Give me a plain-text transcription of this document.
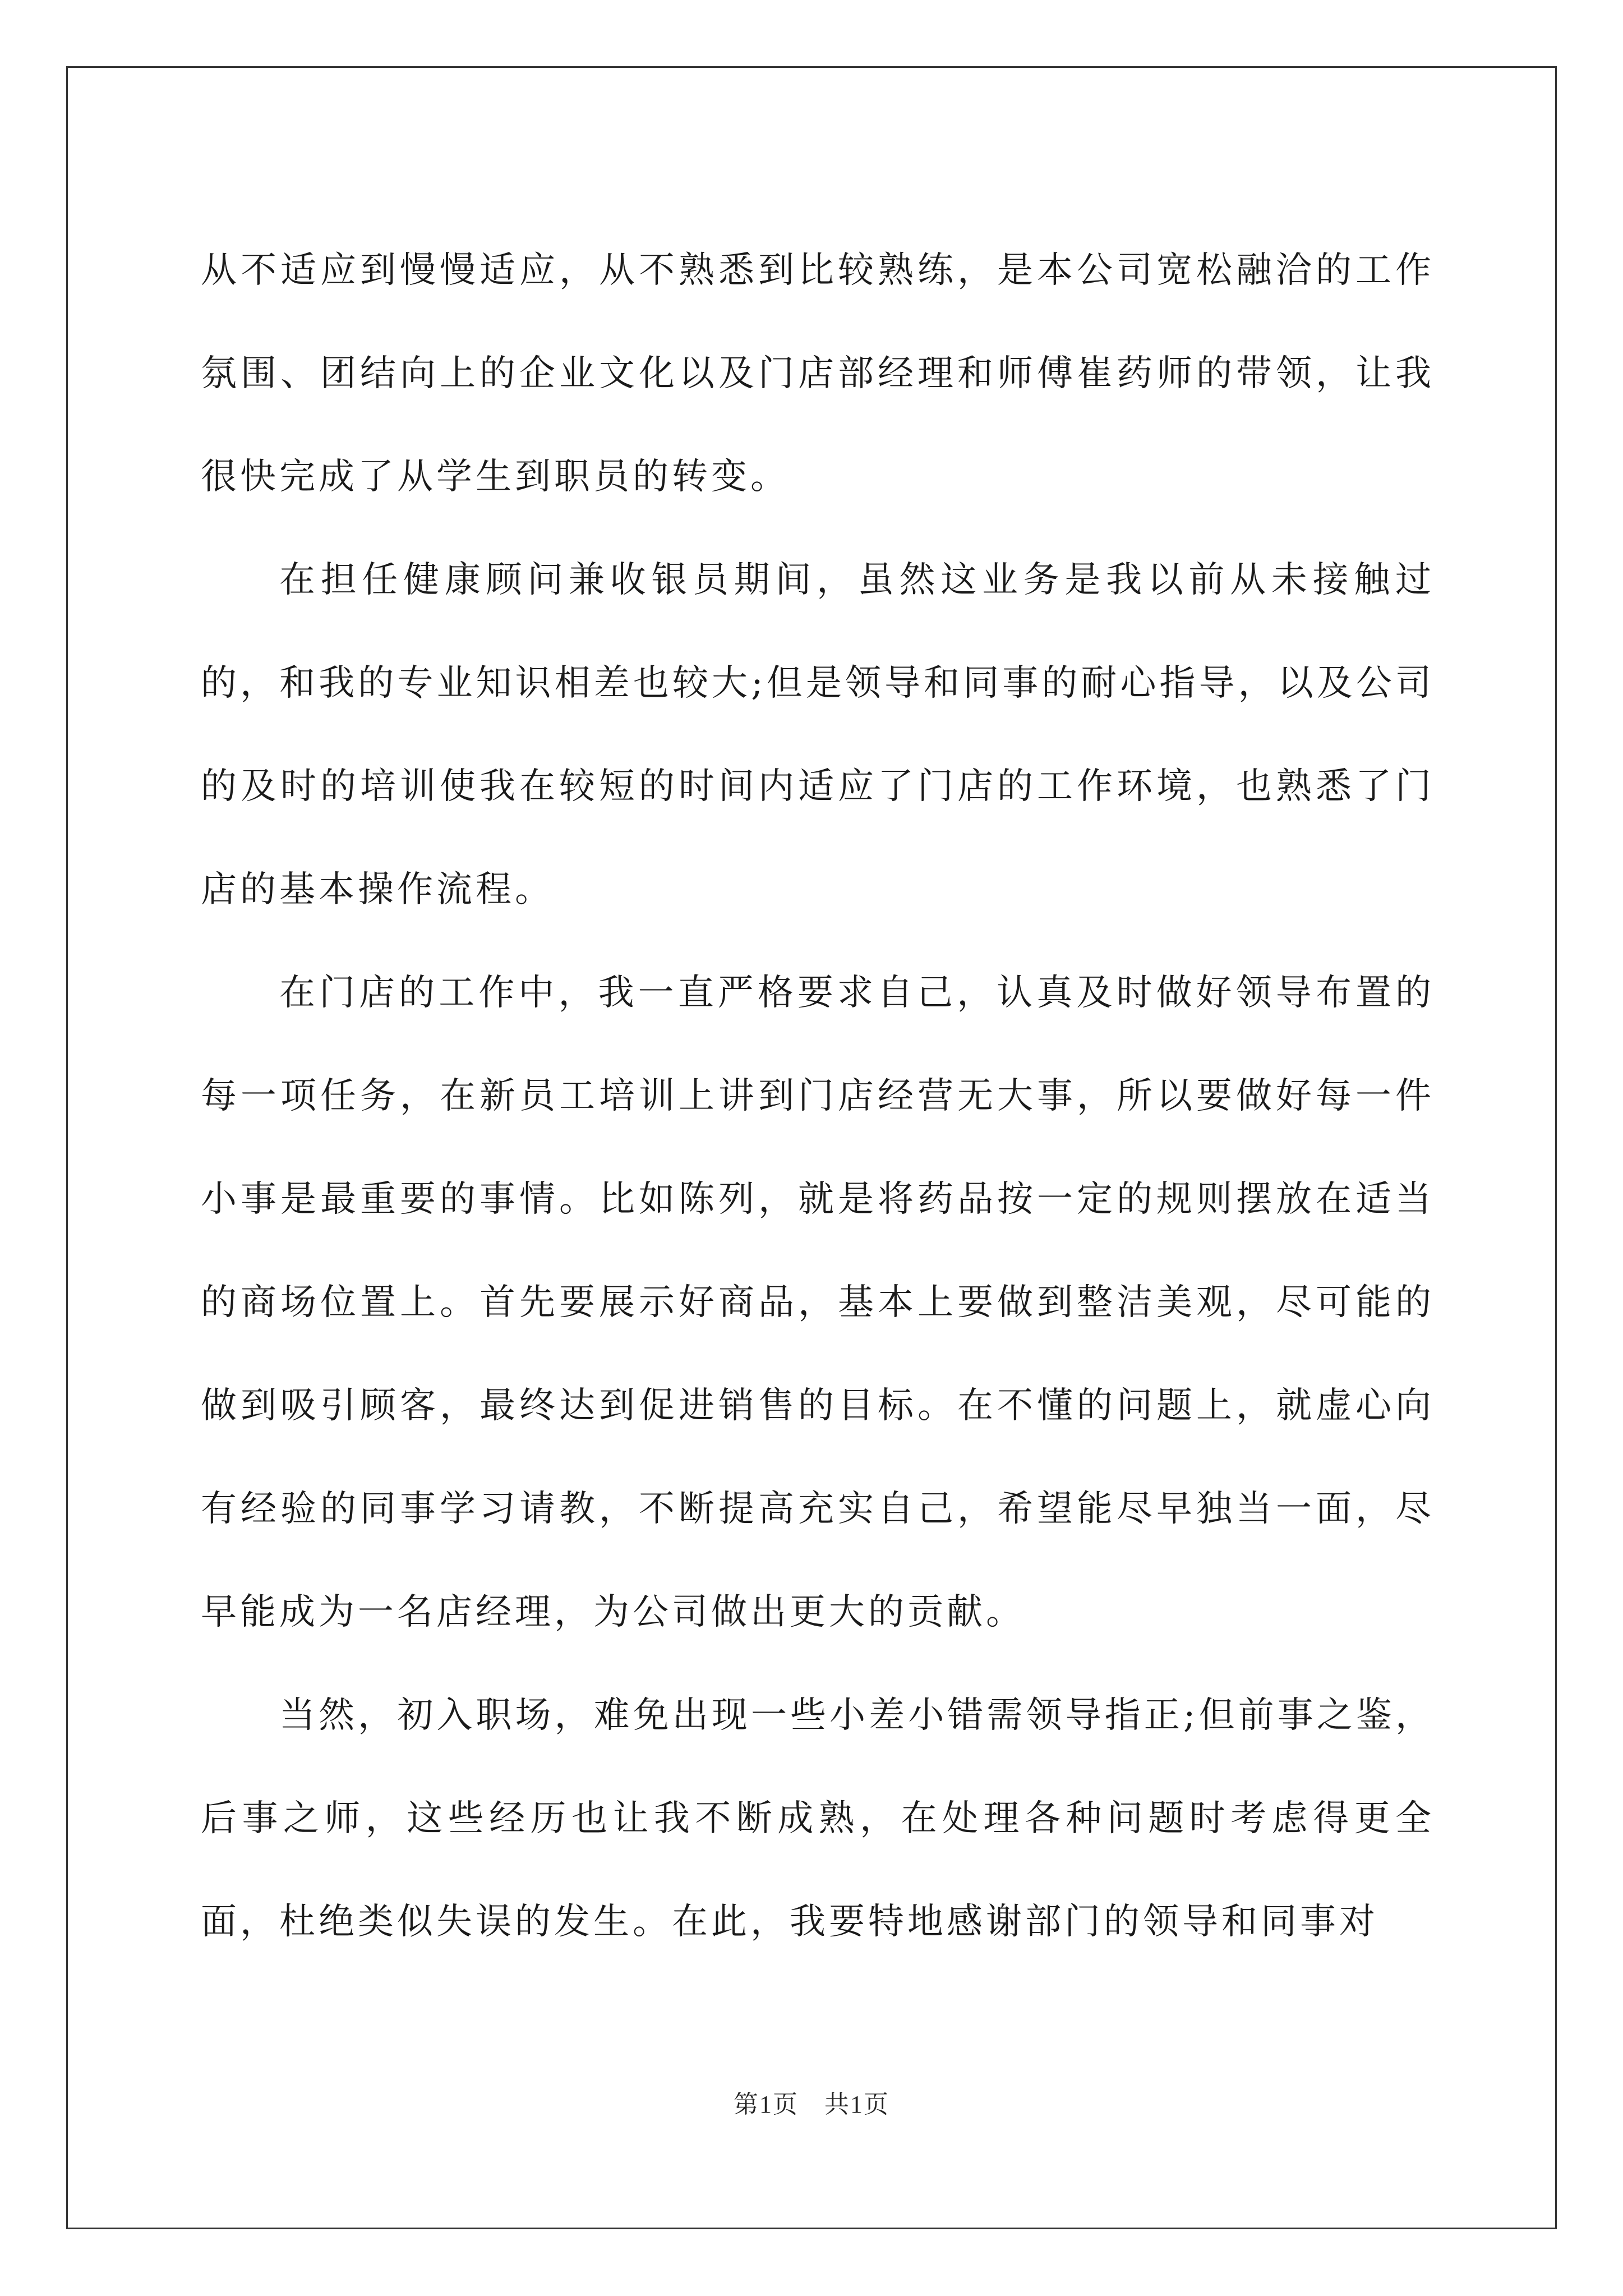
从不适应到慢慢适应，从不熟悉到比较熟练，是本公司宽松融洽的工作氛围、团结向上的企业文化以及门店部经理和师傅崔药师的带领，让我很快完成了从学生到职员的转变。

在担任健康顾问兼收银员期间，虽然这业务是我以前从未接触过的，和我的专业知识相差也较大;但是领导和同事的耐心指导，以及公司的及时的培训使我在较短的时间内适应了门店的工作环境，也熟悉了门店的基本操作流程。

在门店的工作中，我一直严格要求自己，认真及时做好领导布置的每一项任务，在新员工培训上讲到门店经营无大事，所以要做好每一件小事是最重要的事情。比如陈列，就是将药品按一定的规则摆放在适当的商场位置上。首先要展示好商品，基本上要做到整洁美观，尽可能的做到吸引顾客，最终达到促进销售的目标。在不懂的问题上，就虚心向有经验的同事学习请教，不断提高充实自己，希望能尽早独当一面，尽早能成为一名店经理，为公司做出更大的贡献。

当然，初入职场，难免出现一些小差小错需领导指正;但前事之鉴，后事之师，这些经历也让我不断成熟，在处理各种问题时考虑得更全面，杜绝类似失误的发生。在此，我要特地感谢部门的领导和同事对

第1页　共1页
